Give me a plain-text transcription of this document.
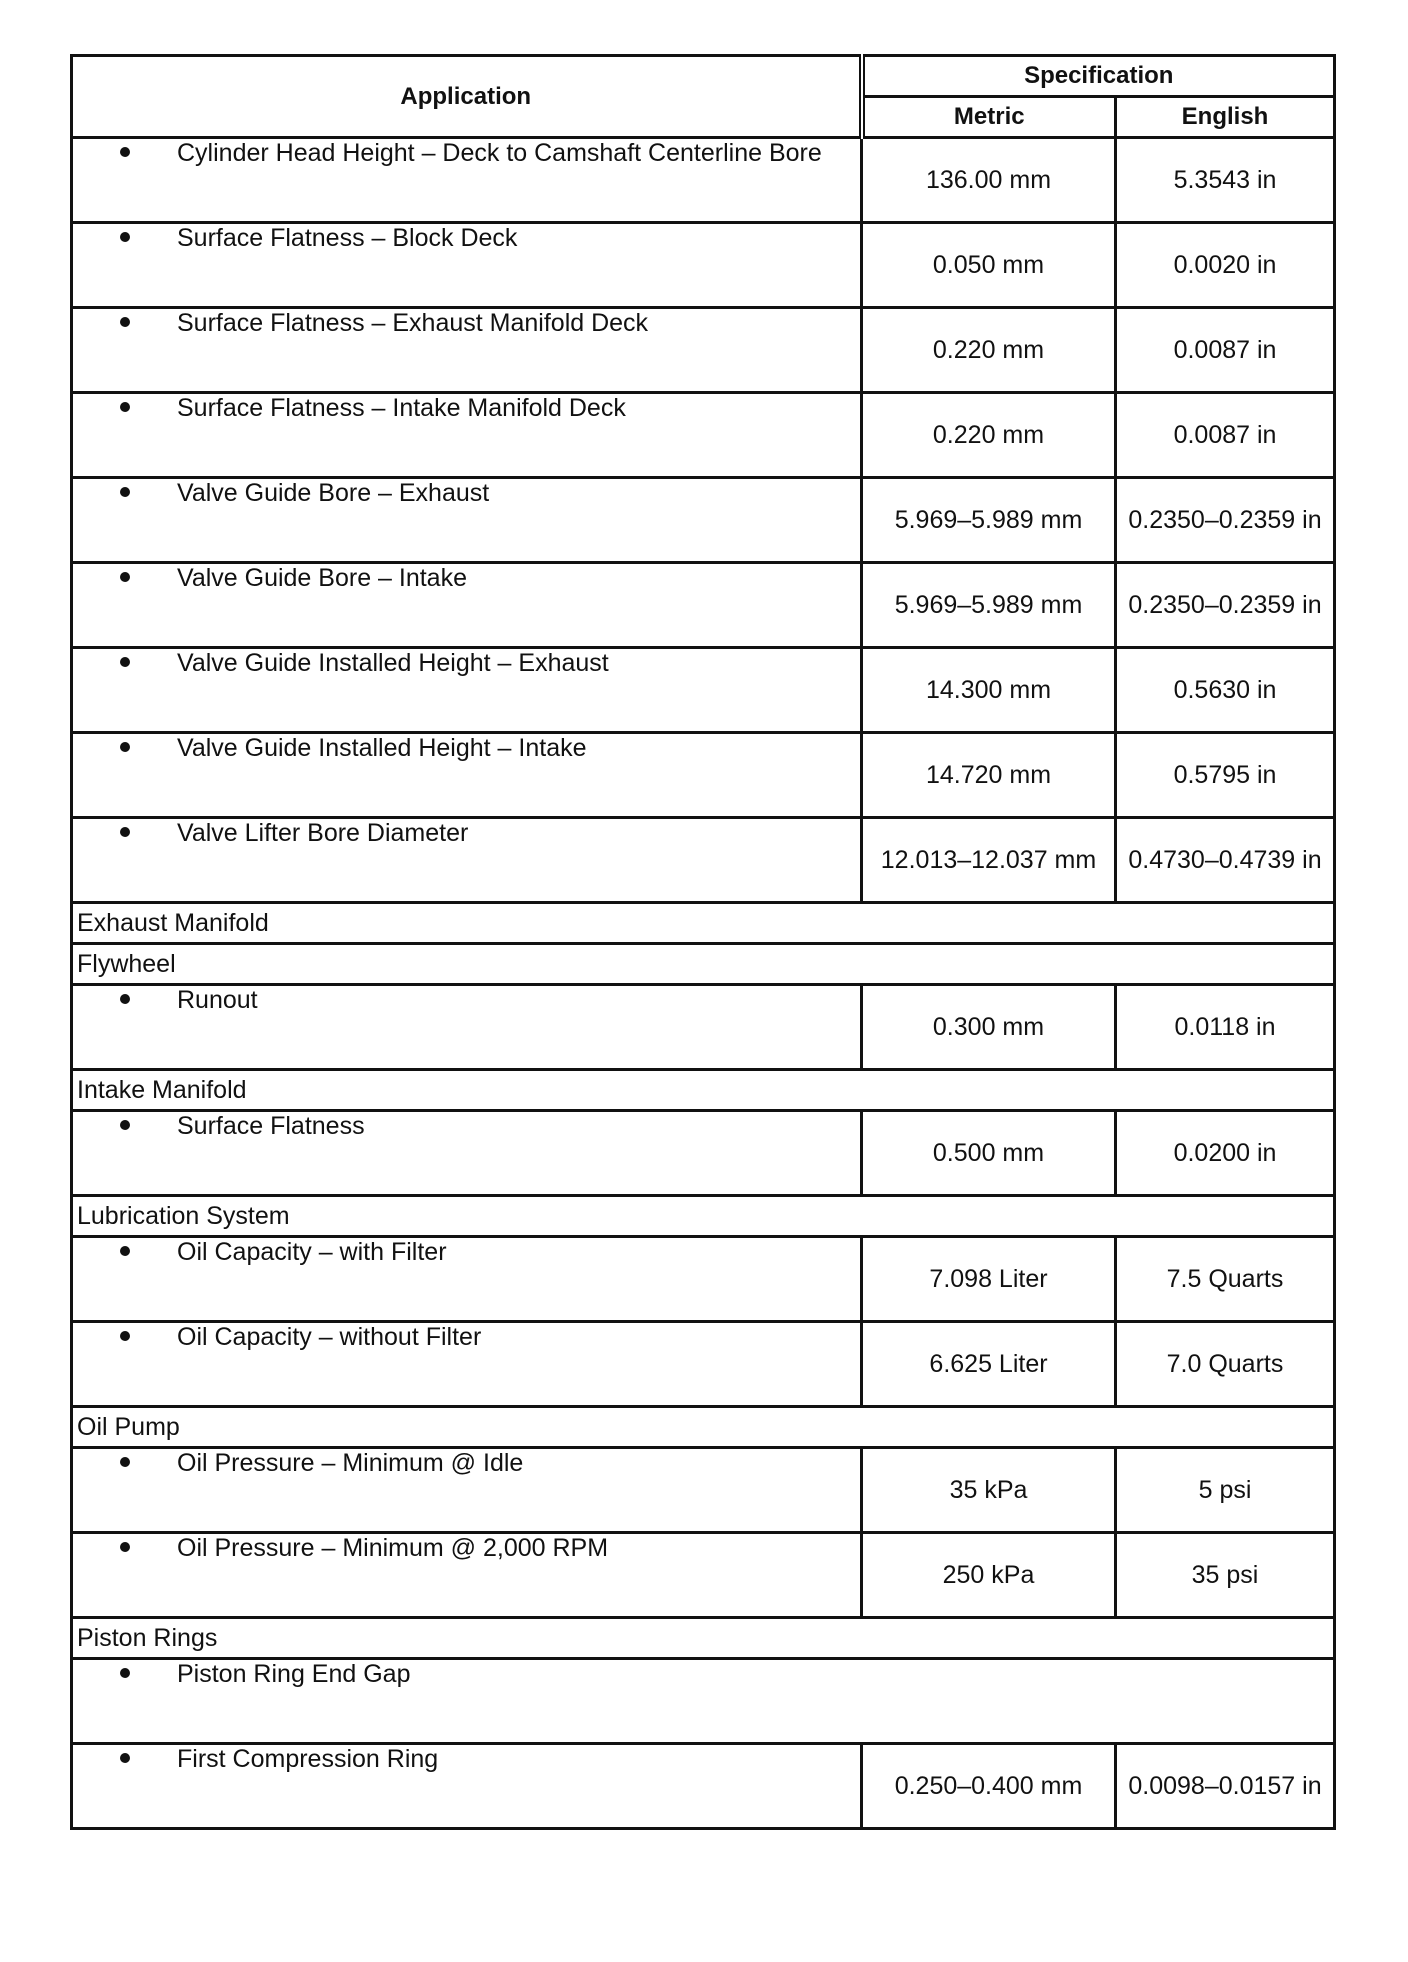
Application	Specification	
	Metric	English
Cylinder Head Height – Deck to Camshaft Centerline Bore	136.00 mm	5.3543 in
Surface Flatness – Block Deck	0.050 mm	0.0020 in
Surface Flatness – Exhaust Manifold Deck	0.220 mm	0.0087 in
Surface Flatness – Intake Manifold Deck	0.220 mm	0.0087 in
Valve Guide Bore – Exhaust	5.969–5.989 mm	0.2350–0.2359 in
Valve Guide Bore – Intake	5.969–5.989 mm	0.2350–0.2359 in
Valve Guide Installed Height – Exhaust	14.300 mm	0.5630 in
Valve Guide Installed Height – Intake	14.720 mm	0.5795 in
Valve Lifter Bore Diameter	12.013–12.037 mm	0.4730–0.4739 in
Exhaust Manifold		
Flywheel		
Runout	0.300 mm	0.0118 in
Intake Manifold		
Surface Flatness	0.500 mm	0.0200 in
Lubrication System		
Oil Capacity – with Filter	7.098 Liter	7.5 Quarts
Oil Capacity – without Filter	6.625 Liter	7.0 Quarts
Oil Pump		
Oil Pressure – Minimum @ Idle	35 kPa	5 psi
Oil Pressure – Minimum @ 2,000 RPM	250 kPa	35 psi
Piston Rings		
Piston Ring End Gap		
First Compression Ring	0.250–0.400 mm	0.0098–0.0157 in
